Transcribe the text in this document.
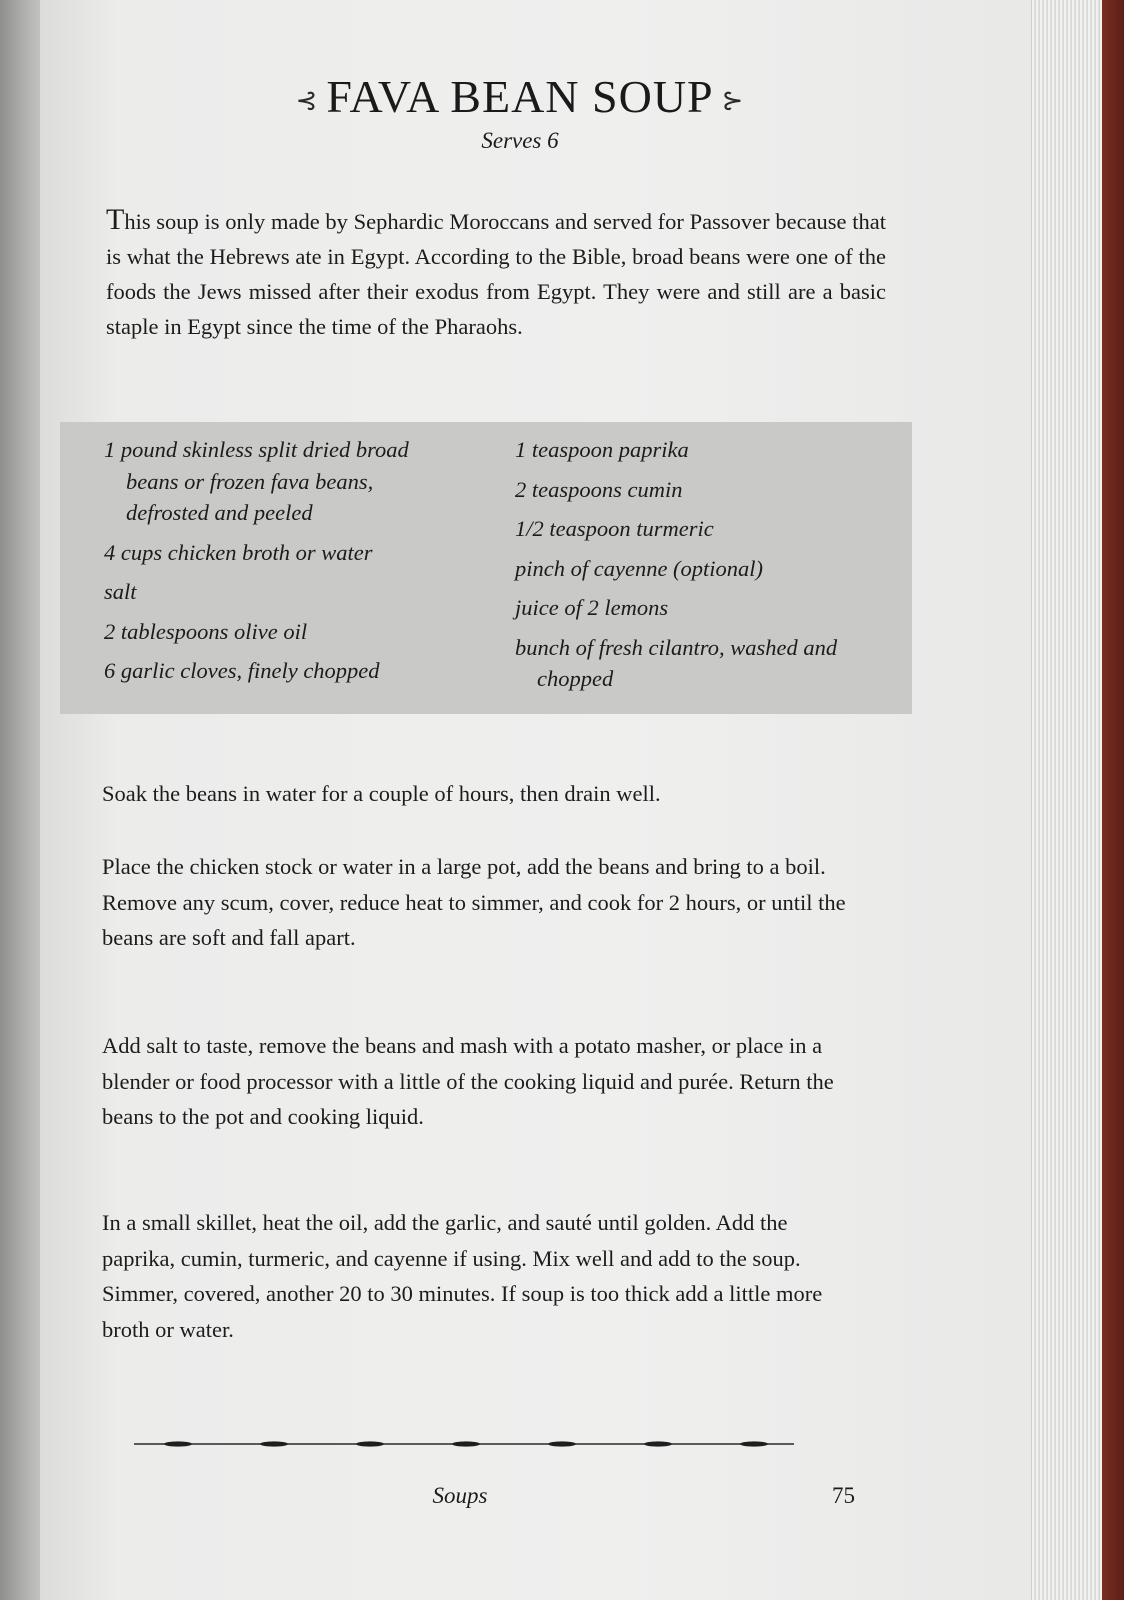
⊰ FAVA BEAN SOUP ⊱
Serves 6
This soup is only made by Sephardic Moroccans and served for Passover because that is what the Hebrews ate in Egypt. According to the Bible, broad beans were one of the foods the Jews missed after their exodus from Egypt. They were and still are a basic staple in Egypt since the time of the Pharaohs.
1 pound skinless split dried broad beans or frozen fava beans, defrosted and peeled
4 cups chicken broth or water
salt
2 tablespoons olive oil
6 garlic cloves, finely chopped
1 teaspoon paprika
2 teaspoons cumin
1/2 teaspoon turmeric
pinch of cayenne (optional)
juice of 2 lemons
bunch of fresh cilantro, washed and chopped
Soak the beans in water for a couple of hours, then drain well.
Place the chicken stock or water in a large pot, add the beans and bring to a boil. Remove any scum, cover, reduce heat to simmer, and cook for 2 hours, or until the beans are soft and fall apart.
Add salt to taste, remove the beans and mash with a potato masher, or place in a blender or food processor with a little of the cooking liquid and purée. Return the beans to the pot and cooking liquid.
In a small skillet, heat the oil, add the garlic, and sauté until golden. Add the paprika, cumin, turmeric, and cayenne if using. Mix well and add to the soup. Simmer, covered, another 20 to 30 minutes. If soup is too thick add a little more broth or water.
Soups	75
